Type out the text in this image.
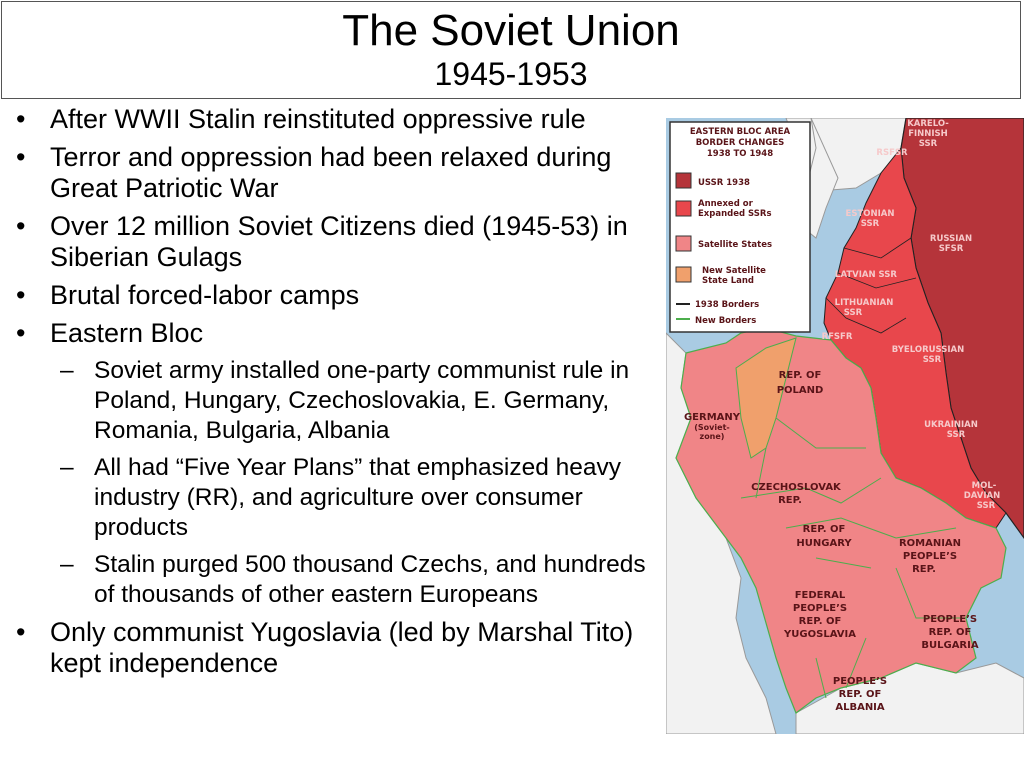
The Soviet Union
1945-1953
• After WWII Stalin reinstituted oppressive rule
• Terror and oppression had been relaxed during Great Patriotic War
• Over 12 million Soviet Citizens died (1945-53) in Siberian Gulags
• Brutal forced-labor camps
• Eastern Bloc
– Soviet army installed one-party communist rule in Poland, Hungary, Czechoslovakia, E. Germany, Romania, Bulgaria, Albania
– All had “Five Year Plans” that emphasized heavy industry (RR), and agriculture over consumer products
– Stalin purged 500 thousand Czechs, and hundreds of thousands of other eastern Europeans
• Only communist Yugoslavia (led by Marshal Tito) kept independence
EASTERN BLOC AREA
BORDER CHANGES
1938 TO 1948
USSR 1938
Annexed or
Expanded SSRs
Satellite States
New Satellite
State Land
1938 Borders
New Borders
KARELO-
FINNISH
SSR
RSFSR
RUSSIAN
SFSR
UKRAINIAN
SSR
ESTONIAN
SSR
LATVIAN SSR
LITHUANIAN
SSR
RFSFR
BYELORUSSIAN
SSR
MOL-
DAVIAN
SSR
REP. OF
POLAND
GERMANY
(Soviet-
zone)
CZECHOSLOVAK
REP.
REP. OF
HUNGARY	ROMANIAN
PEOPLE’S
REP.
FEDERAL
PEOPLE’S
REP. OF
YUGOSLAVIA
PEOPLE’S
REP. OF
BULGARIA
PEOPLE’S
REP. OF
ALBANIA
